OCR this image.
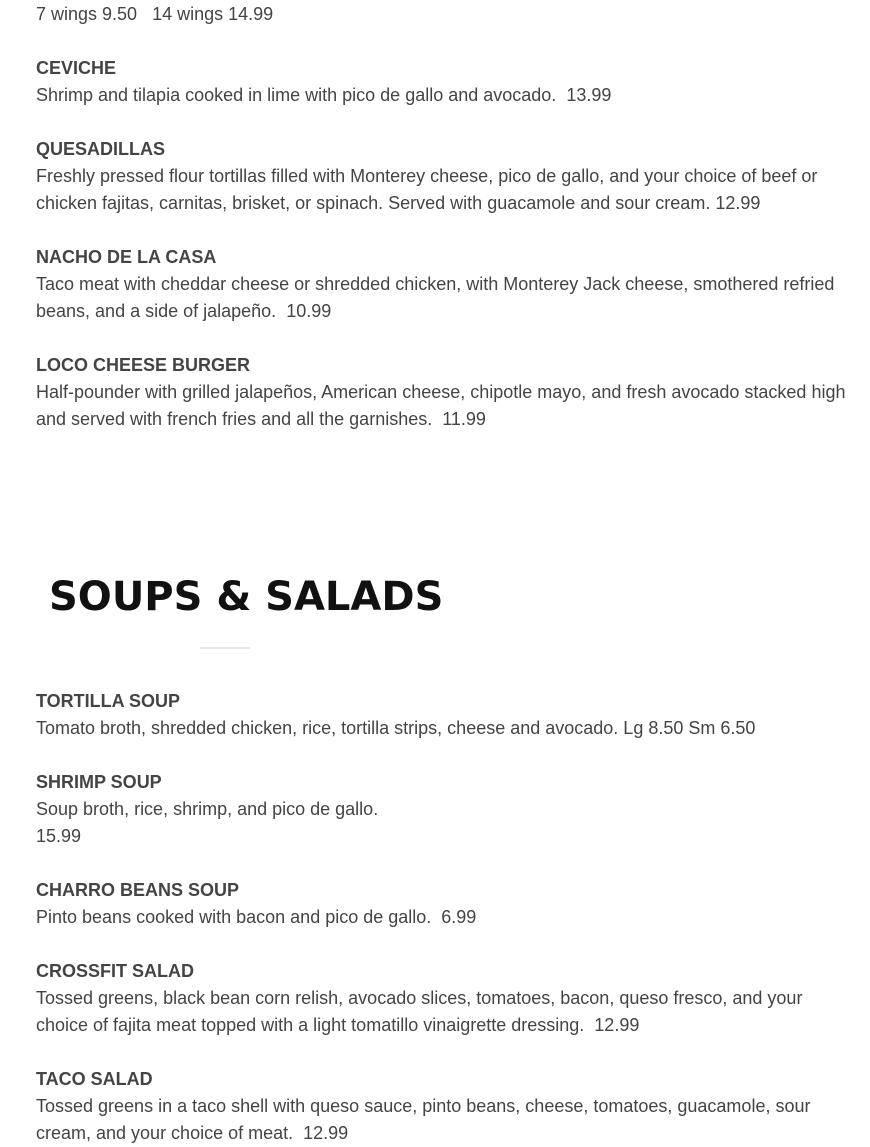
7 wings 9.50   14 wings 14.99
CEVICHE
Shrimp and tilapia cooked in lime with pico de gallo and avocado.  13.99
QUESADILLAS
Freshly pressed flour tortillas filled with Monterey cheese, pico de gallo, and your choice of beef or chicken fajitas, carnitas, brisket, or spinach. Served with guacamole and sour cream. 12.99
NACHO DE LA CASA
Taco meat with cheddar cheese or shredded chicken, with Monterey Jack cheese, smothered refried beans, and a side of jalapeño.  10.99
LOCO CHEESE BURGER
Half-pounder with grilled jalapeños, American cheese, chipotle mayo, and fresh avocado stacked high and served with french fries and all the garnishes.  11.99
SOUPS & SALADS
TORTILLA SOUP
Tomato broth, shredded chicken, rice, tortilla strips, cheese and avocado. Lg 8.50 Sm 6.50
SHRIMP SOUP
Soup broth, rice, shrimp, and pico de gallo.
15.99
CHARRO BEANS SOUP
Pinto beans cooked with bacon and pico de gallo.  6.99
CROSSFIT SALAD
Tossed greens, black bean corn relish, avocado slices, tomatoes, bacon, queso fresco, and your choice of fajita meat topped with a light tomatillo vinaigrette dressing.  12.99
TACO SALAD
Tossed greens in a taco shell with queso sauce, pinto beans, cheese, tomatoes, guacamole, sour cream, and your choice of meat.  12.99
